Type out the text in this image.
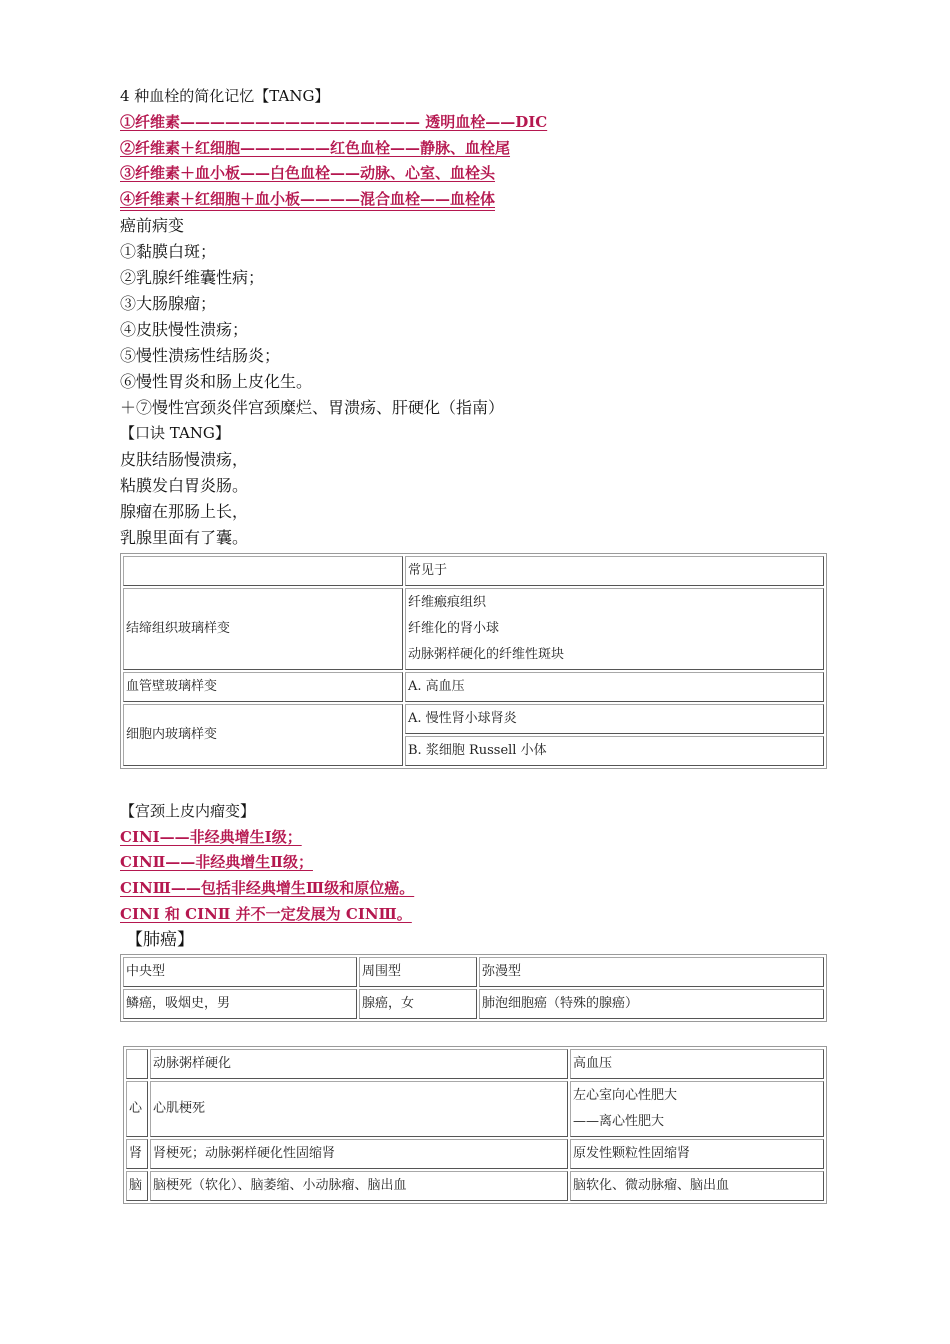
4 种血栓的简化记忆【TANG】
①纤维素———————————————— 透明血栓——DIC
②纤维素＋红细胞——————红色血栓——静脉、血栓尾
③纤维素＋血小板——白色血栓——动脉、心室、血栓头
④纤维素＋红细胞＋血小板————混合血栓——血栓体
癌前病变
①黏膜白斑；
②乳腺纤维囊性病；
③大肠腺瘤；
④皮肤慢性溃疡；
⑤慢性溃疡性结肠炎；
⑥慢性胃炎和肠上皮化生。
＋⑦慢性宫颈炎伴宫颈糜烂、胃溃疡、肝硬化（指南）
【口诀 TANG】
皮肤结肠慢溃疡，
粘膜发白胃炎肠。
腺瘤在那肠上长，
乳腺里面有了囊。
	常见于
结缔组织玻璃样变	纤维瘢痕组织
纤维化的肾小球
动脉粥样硬化的纤维性斑块

血管壁玻璃样变	A. 高血压
细胞内玻璃样变	A. 慢性肾小球肾炎
	B. 浆细胞 Russell 小体
【宫颈上皮内瘤变】
CINⅠ——非经典增生Ⅰ级；
CINⅡ——非经典增生Ⅱ级；
CINⅢ——包括非经典增生Ⅲ级和原位癌。
CINⅠ 和 CINⅡ 并不一定发展为 CINⅢ。
【肺癌】
中央型	周围型	弥漫型
鳞癌，吸烟史，男	腺癌，女	肺泡细胞癌（特殊的腺癌）
	动脉粥样硬化	高血压
心	心肌梗死	左心室向心性肥大
——离心性肥大

肾	肾梗死；动脉粥样硬化性固缩肾	原发性颗粒性固缩肾
脑	脑梗死（软化）、脑萎缩、小动脉瘤、脑出血	脑软化、微动脉瘤、脑出血
